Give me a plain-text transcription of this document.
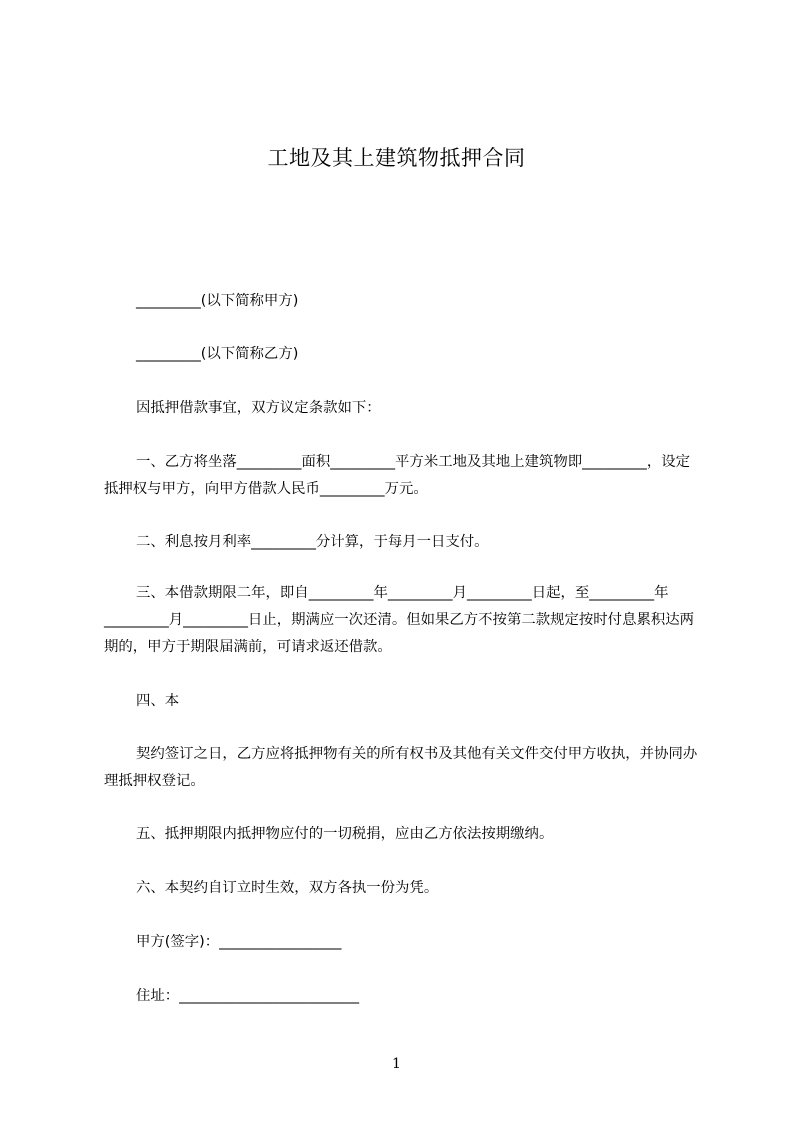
工地及其上建筑物抵押合同

_________(以下简称甲方)

_________(以下简称乙方)

因抵押借款事宜，双方议定条款如下：

一、乙方将坐落_________面积_________平方米工地及其地上建筑物即_________，设定抵押权与甲方，向甲方借款人民币_________万元。

二、利息按月利率_________分计算，于每月一日支付。

三、本借款期限二年，即自_________年_________月_________日起，至_________年_________月_________日止，期满应一次还清。但如果乙方不按第二款规定按时付息累积达两期的，甲方于期限届满前，可请求返还借款。

四、本

契约签订之日，乙方应将抵押物有关的所有权书及其他有关文件交付甲方收执，并协同办理抵押权登记。

五、抵押期限内抵押物应付的一切税捐，应由乙方依法按期缴纳。

六、本契约自订立时生效，双方各执一份为凭。

甲方(签字)：_________________

住址：_________________________

1
